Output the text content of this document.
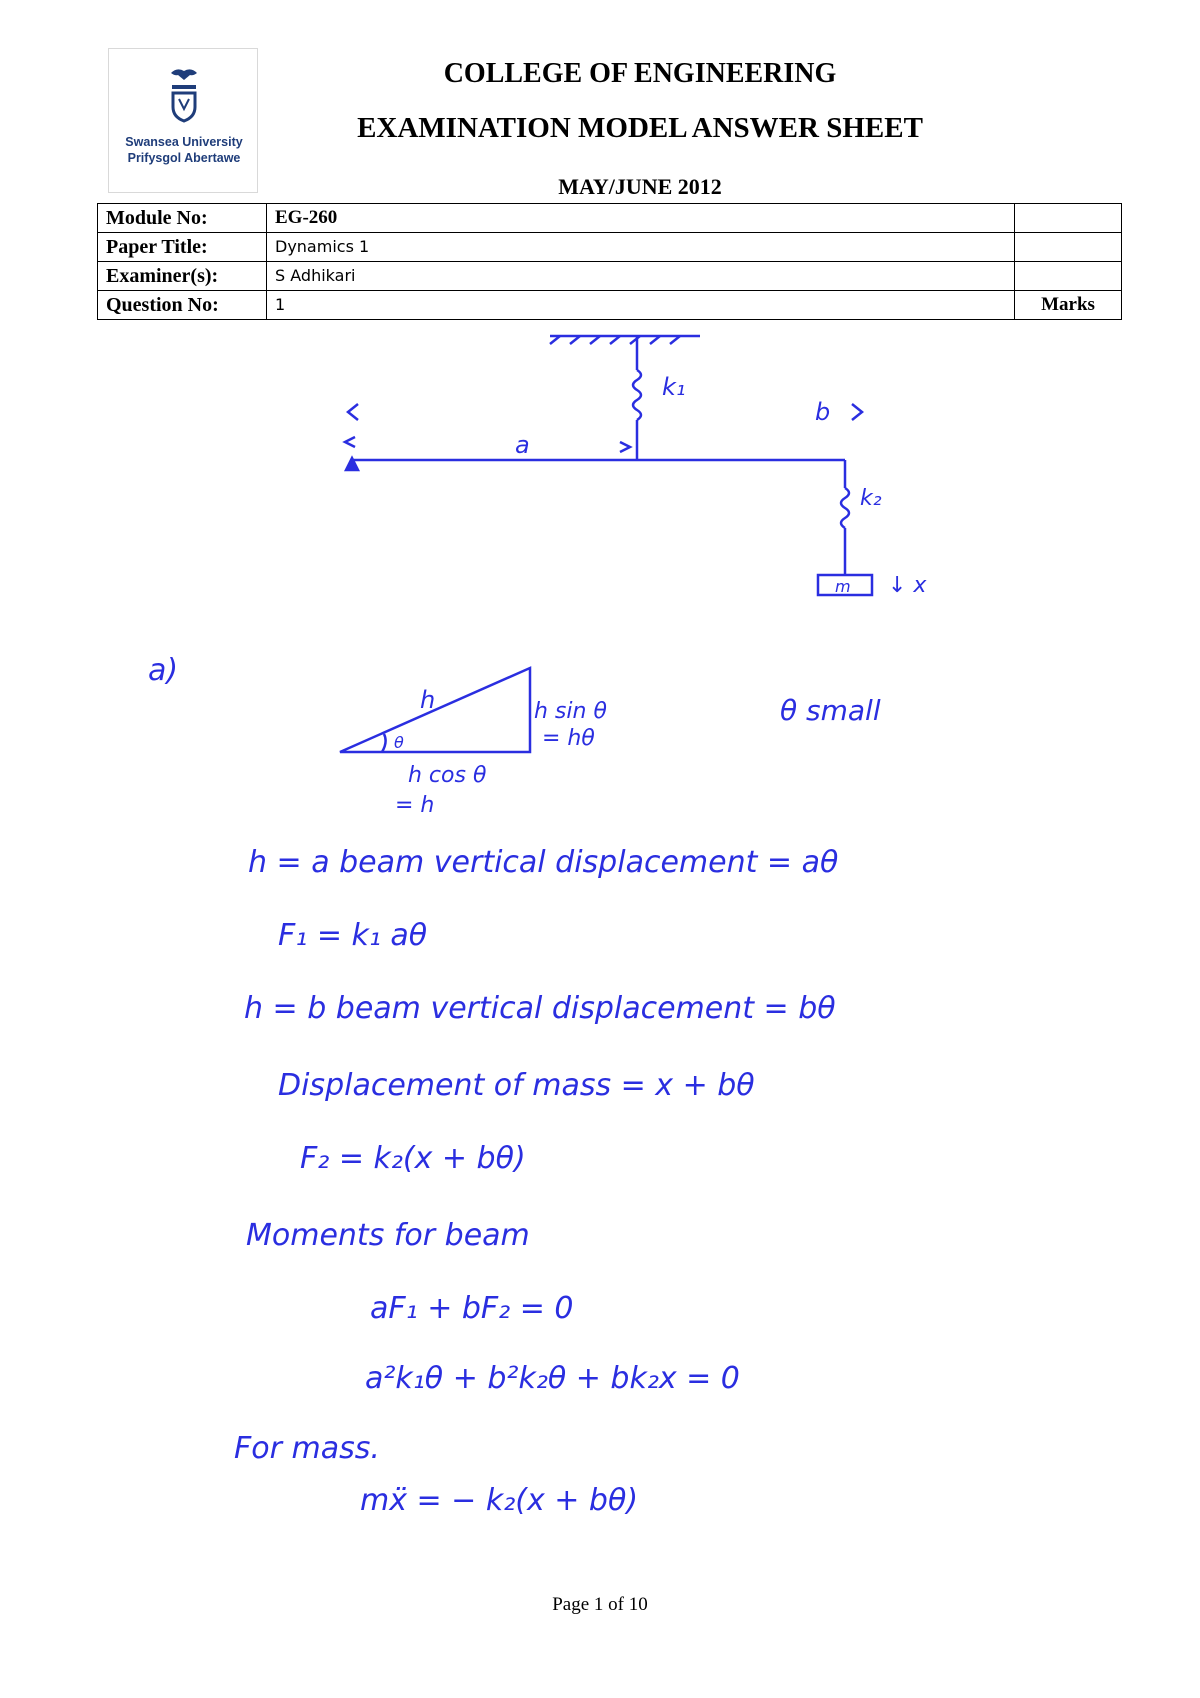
Swansea University
Prifysgol Abertawe
COLLEGE OF ENGINEERING
EXAMINATION MODEL ANSWER SHEET
MAY/JUNE 2012
Module No:	EG-260	
Paper Title:	Dynamics 1	
Examiner(s):	S Adhikari	
Question No:	1	Marks
k₁
a
b
k₂
m ↓ x
a)
h
θ
h sin θ
= hθ
h cos θ
= h
θ small
h = a beam vertical displacement = aθ
F₁ = k₁ aθ
h = b beam vertical displacement = bθ
Displacement of mass = x + bθ
F₂ = k₂(x + bθ)
Moments for beam
aF₁ + bF₂ = 0
a²k₁θ + b²k₂θ + bk₂x = 0
For mass.
mẍ = − k₂(x + bθ)
Page 1 of 10
